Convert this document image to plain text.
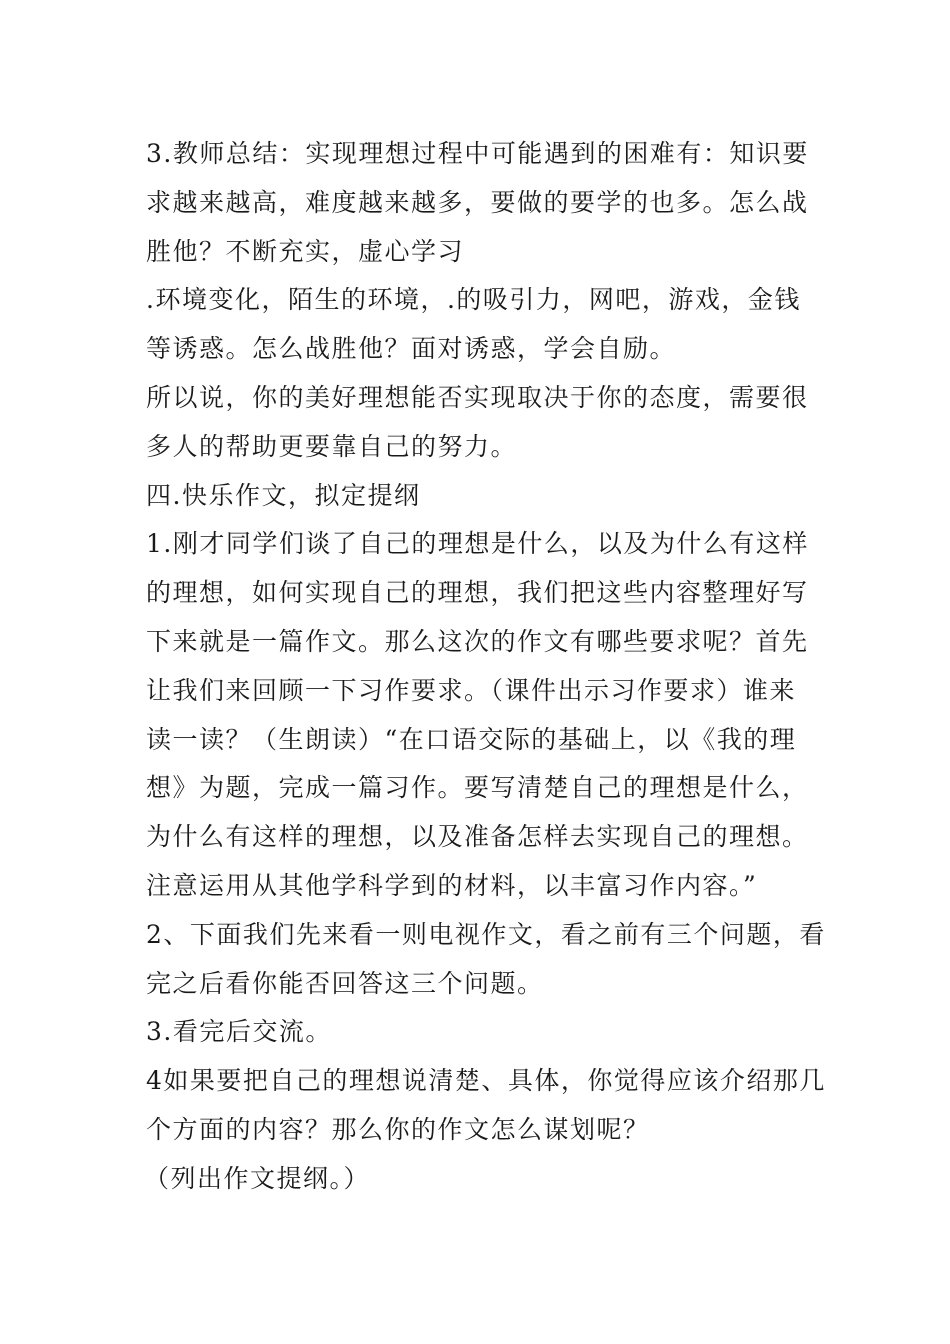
3.教师总结：实现理想过程中可能遇到的困难有：知识要
求越来越高，难度越来越多，要做的要学的也多。怎么战
胜他？不断充实，虚心学习
.环境变化，陌生的环境，.的吸引力，网吧，游戏，金钱
等诱惑。怎么战胜他？面对诱惑，学会自励。
所以说，你的美好理想能否实现取决于你的态度，需要很
多人的帮助更要靠自己的努力。
四.快乐作文，拟定提纲
1.刚才同学们谈了自己的理想是什么，以及为什么有这样
的理想，如何实现自己的理想，我们把这些内容整理好写
下来就是一篇作文。那么这次的作文有哪些要求呢？首先
让我们来回顾一下习作要求。（课件出示习作要求）谁来
读一读？（生朗读）“在口语交际的基础上，以《我的理
想》为题，完成一篇习作。要写清楚自己的理想是什么，
为什么有这样的理想，以及准备怎样去实现自己的理想。
注意运用从其他学科学到的材料，以丰富习作内容。”
2、下面我们先来看一则电视作文，看之前有三个问题，看
完之后看你能否回答这三个问题。
3.看完后交流。
4如果要把自己的理想说清楚、具体，你觉得应该介绍那几
个方面的内容？那么你的作文怎么谋划呢？
（列出作文提纲。）
